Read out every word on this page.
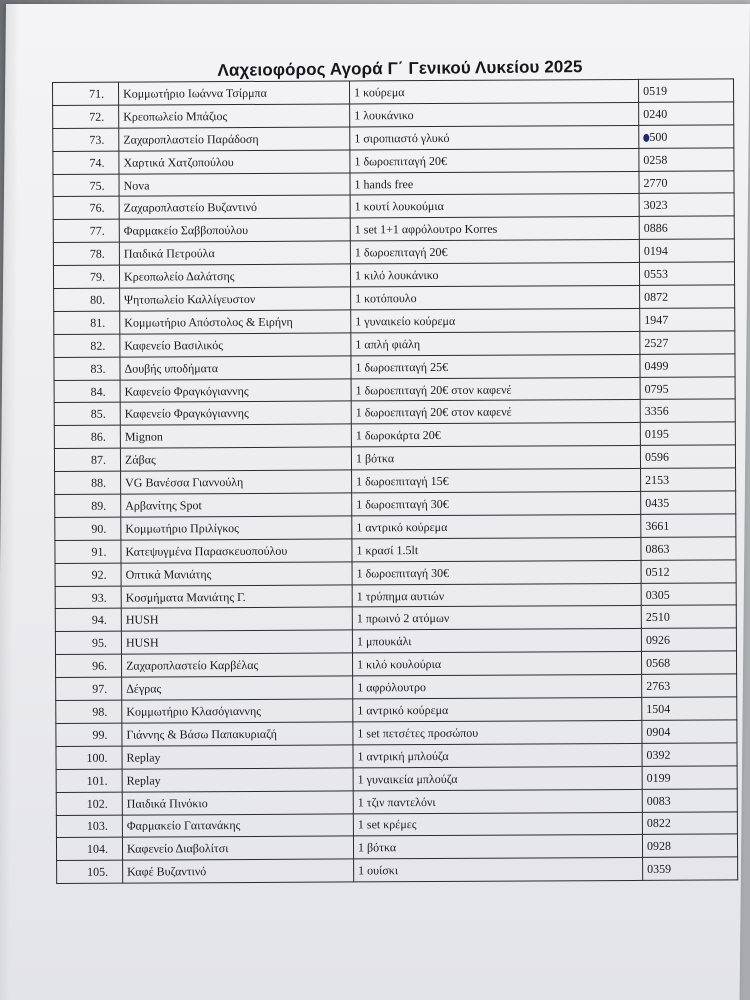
Λαχειοφόρος Αγορά Γ΄ Γενικού Λυκείου 2025
71.	Κομμωτήριο Ιωάννα Τσίρμπα	1 κούρεμα	0519
72.	Κρεοπωλείο Μπάζιος	1 λουκάνικο	0240
73.	Ζαχαροπλαστείο Παράδοση	1 σιροπιαστό γλυκό	500
74.	Χαρτικά Χατζοπούλου	1 δωροεπιταγή 20€	0258
75.	Nova	1 hands free	2770
76.	Ζαχαροπλαστείο Βυζαντινό	1 κουτί λουκούμια	3023
77.	Φαρμακείο Σαββοπούλου	1 set 1+1 αφρόλουτρο Korres	0886
78.	Παιδικά Πετρούλα	1 δωροεπιταγή 20€	0194
79.	Κρεοπωλείο Δαλάτσης	1 κιλό λουκάνικο	0553
80.	Ψητοπωλείο Καλλίγευστον	1 κοτόπουλο	0872
81.	Κομμωτήριο Απόστολος & Ειρήνη	1 γυναικείο κούρεμα	1947
82.	Καφενείο Βασιλικός	1 απλή φιάλη	2527
83.	Δουβής υποδήματα	1 δωροεπιταγή 25€	0499
84.	Καφενείο Φραγκόγιαννης	1 δωροεπιταγή 20€ στον καφενέ	0795
85.	Καφενείο Φραγκόγιαννης	1 δωροεπιταγή 20€ στον καφενέ	3356
86.	Mignon	1 δωροκάρτα 20€	0195
87.	Ζάβας	1 βότκα	0596
88.	VG Βανέσσα Γιαννούλη	1 δωροεπιταγή 15€	2153
89.	Αρβανίτης Spot	1 δωροεπιταγή 30€	0435
90.	Κομμωτήριο Πριλίγκος	1 αντρικό κούρεμα	3661
91.	Κατεψυγμένα Παρασκευοπούλου	1 κρασί 1.5lt	0863
92.	Οπτικά Μανιάτης	1 δωροεπιταγή 30€	0512
93.	Κοσμήματα Μανιάτης Γ.	1 τρύπημα αυτιών	0305
94.	HUSH	1 πρωινό 2 ατόμων	2510
95.	HUSH	1 μπουκάλι	0926
96.	Ζαχαροπλαστείο Καρβέλας	1 κιλό κουλούρια	0568
97.	Δέγρας	1 αφρόλουτρο	2763
98.	Κομμωτήριο Κλασόγιαννης	1 αντρικό κούρεμα	1504
99.	Γιάννης & Βάσω Παπακυριαζή	1 set πετσέτες προσώπου	0904
100.	Replay	1 αντρική μπλούζα	0392
101.	Replay	1 γυναικεία μπλούζα	0199
102.	Παιδικά Πινόκιο	1 τζιν παντελόνι	0083
103.	Φαρμακείο Γαιτανάκης	1 set κρέμες	0822
104.	Καφενείο Διαβολίτσι	1 βότκα	0928
105.	Καφέ Βυζαντινό	1 ουίσκι	0359
